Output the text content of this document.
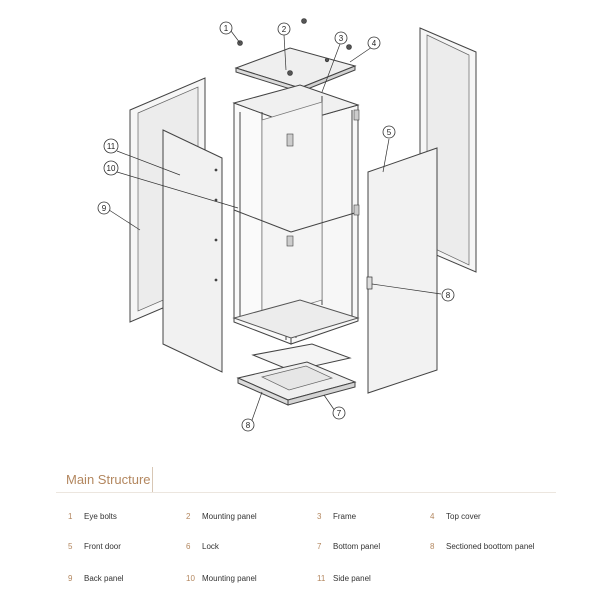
1	2
3
4
5
11
10
9
8
7
8
Main Structure
1 Eye bolts	2 Mounting panel	3 Frame	4 Top cover
5 Front door	6 Lock	7 Bottom panel	8 Sectioned boottom panel
9 Back panel	10 Mounting panel	11 Side panel
